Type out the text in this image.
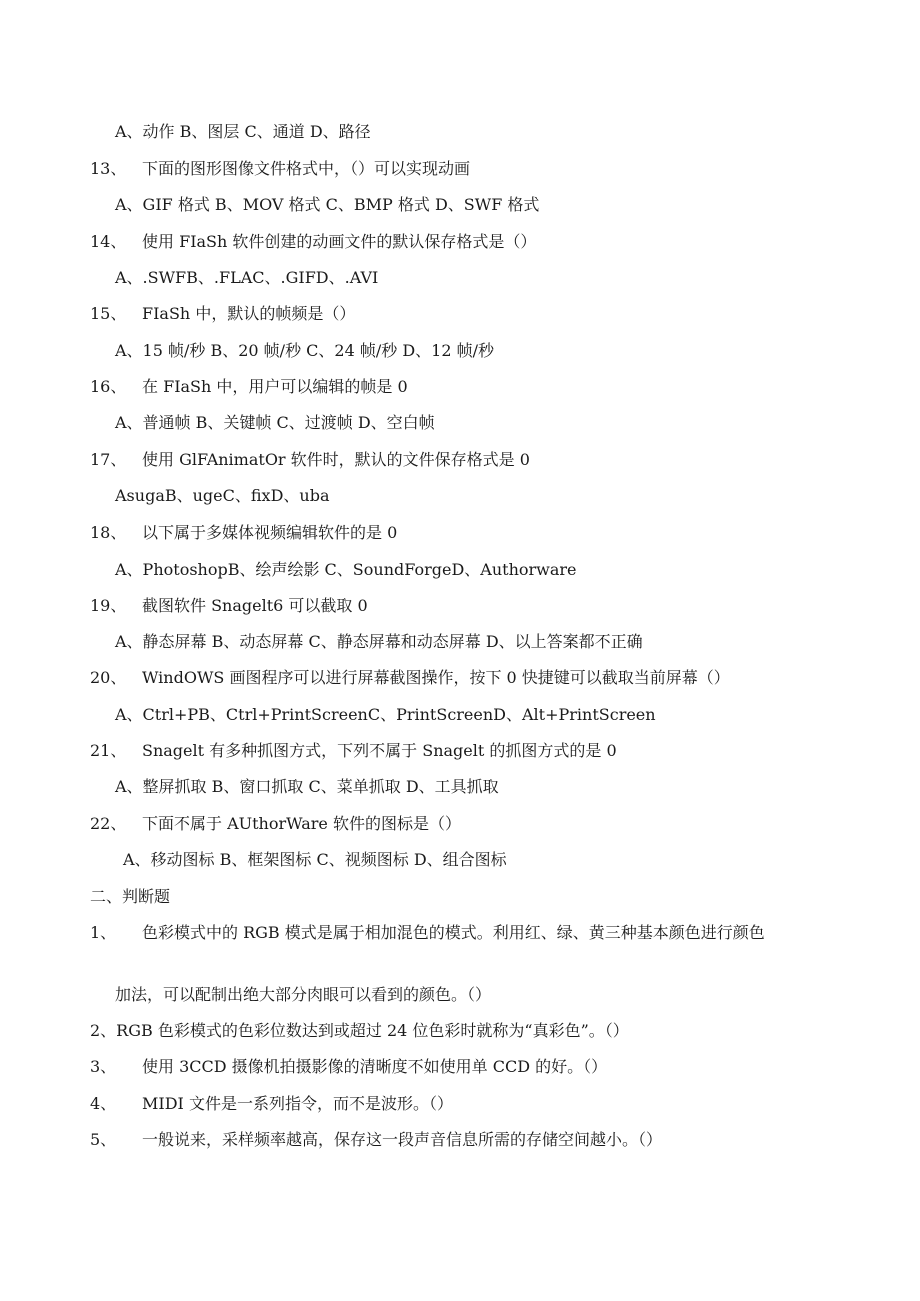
A、动作 B、图层 C、通道 D、路径
13、 下面的图形图像文件格式中，（）可以实现动画
A、GIF 格式 B、MOV 格式 C、BMP 格式 D、SWF 格式
14、 使用 FIaSh 软件创建的动画文件的默认保存格式是（）
A、.SWFB、.FLAC、.GIFD、.AVI
15、 FIaSh 中，默认的帧频是（）
A、15 帧/秒 B、20 帧/秒 C、24 帧/秒 D、12 帧/秒
16、 在 FIaSh 中，用户可以编辑的帧是 0
A、普通帧 B、关键帧 C、过渡帧 D、空白帧
17、 使用 GlFAnimatOr 软件时，默认的文件保存格式是 0
AsugaB、ugeC、fixD、uba
18、 以下属于多媒体视频编辑软件的是 0
A、PhotoshopB、绘声绘影 C、SoundForgeD、Authorware
19、 截图软件 Snagelt6 可以截取 0
A、静态屏幕 B、动态屏幕 C、静态屏幕和动态屏幕 D、以上答案都不正确
20、 WindOWS 画图程序可以进行屏幕截图操作，按下 0 快捷键可以截取当前屏幕（）
A、Ctrl+PB、Ctrl+PrintScreenC、PrintScreenD、Alt+PrintScreen
21、 Snagelt 有多种抓图方式，下列不属于 Snagelt 的抓图方式的是 0
A、整屏抓取 B、窗口抓取 C、菜单抓取 D、工具抓取
22、 下面不属于 AUthorWare 软件的图标是（）
A、移动图标 B、框架图标 C、视频图标 D、组合图标
二、判断题
1、 色彩模式中的 RGB 模式是属于相加混色的模式。利用红、绿、黄三种基本颜色进行颜色
加法，可以配制出绝大部分肉眼可以看到的颜色。（）
2、RGB 色彩模式的色彩位数达到或超过 24 位色彩时就称为“真彩色”。（）
3、 使用 3CCD 摄像机拍摄影像的清晰度不如使用单 CCD 的好。（）
4、 MIDI 文件是一系列指令，而不是波形。（）
5、 一般说来，采样频率越高，保存这一段声音信息所需的存储空间越小。（）
